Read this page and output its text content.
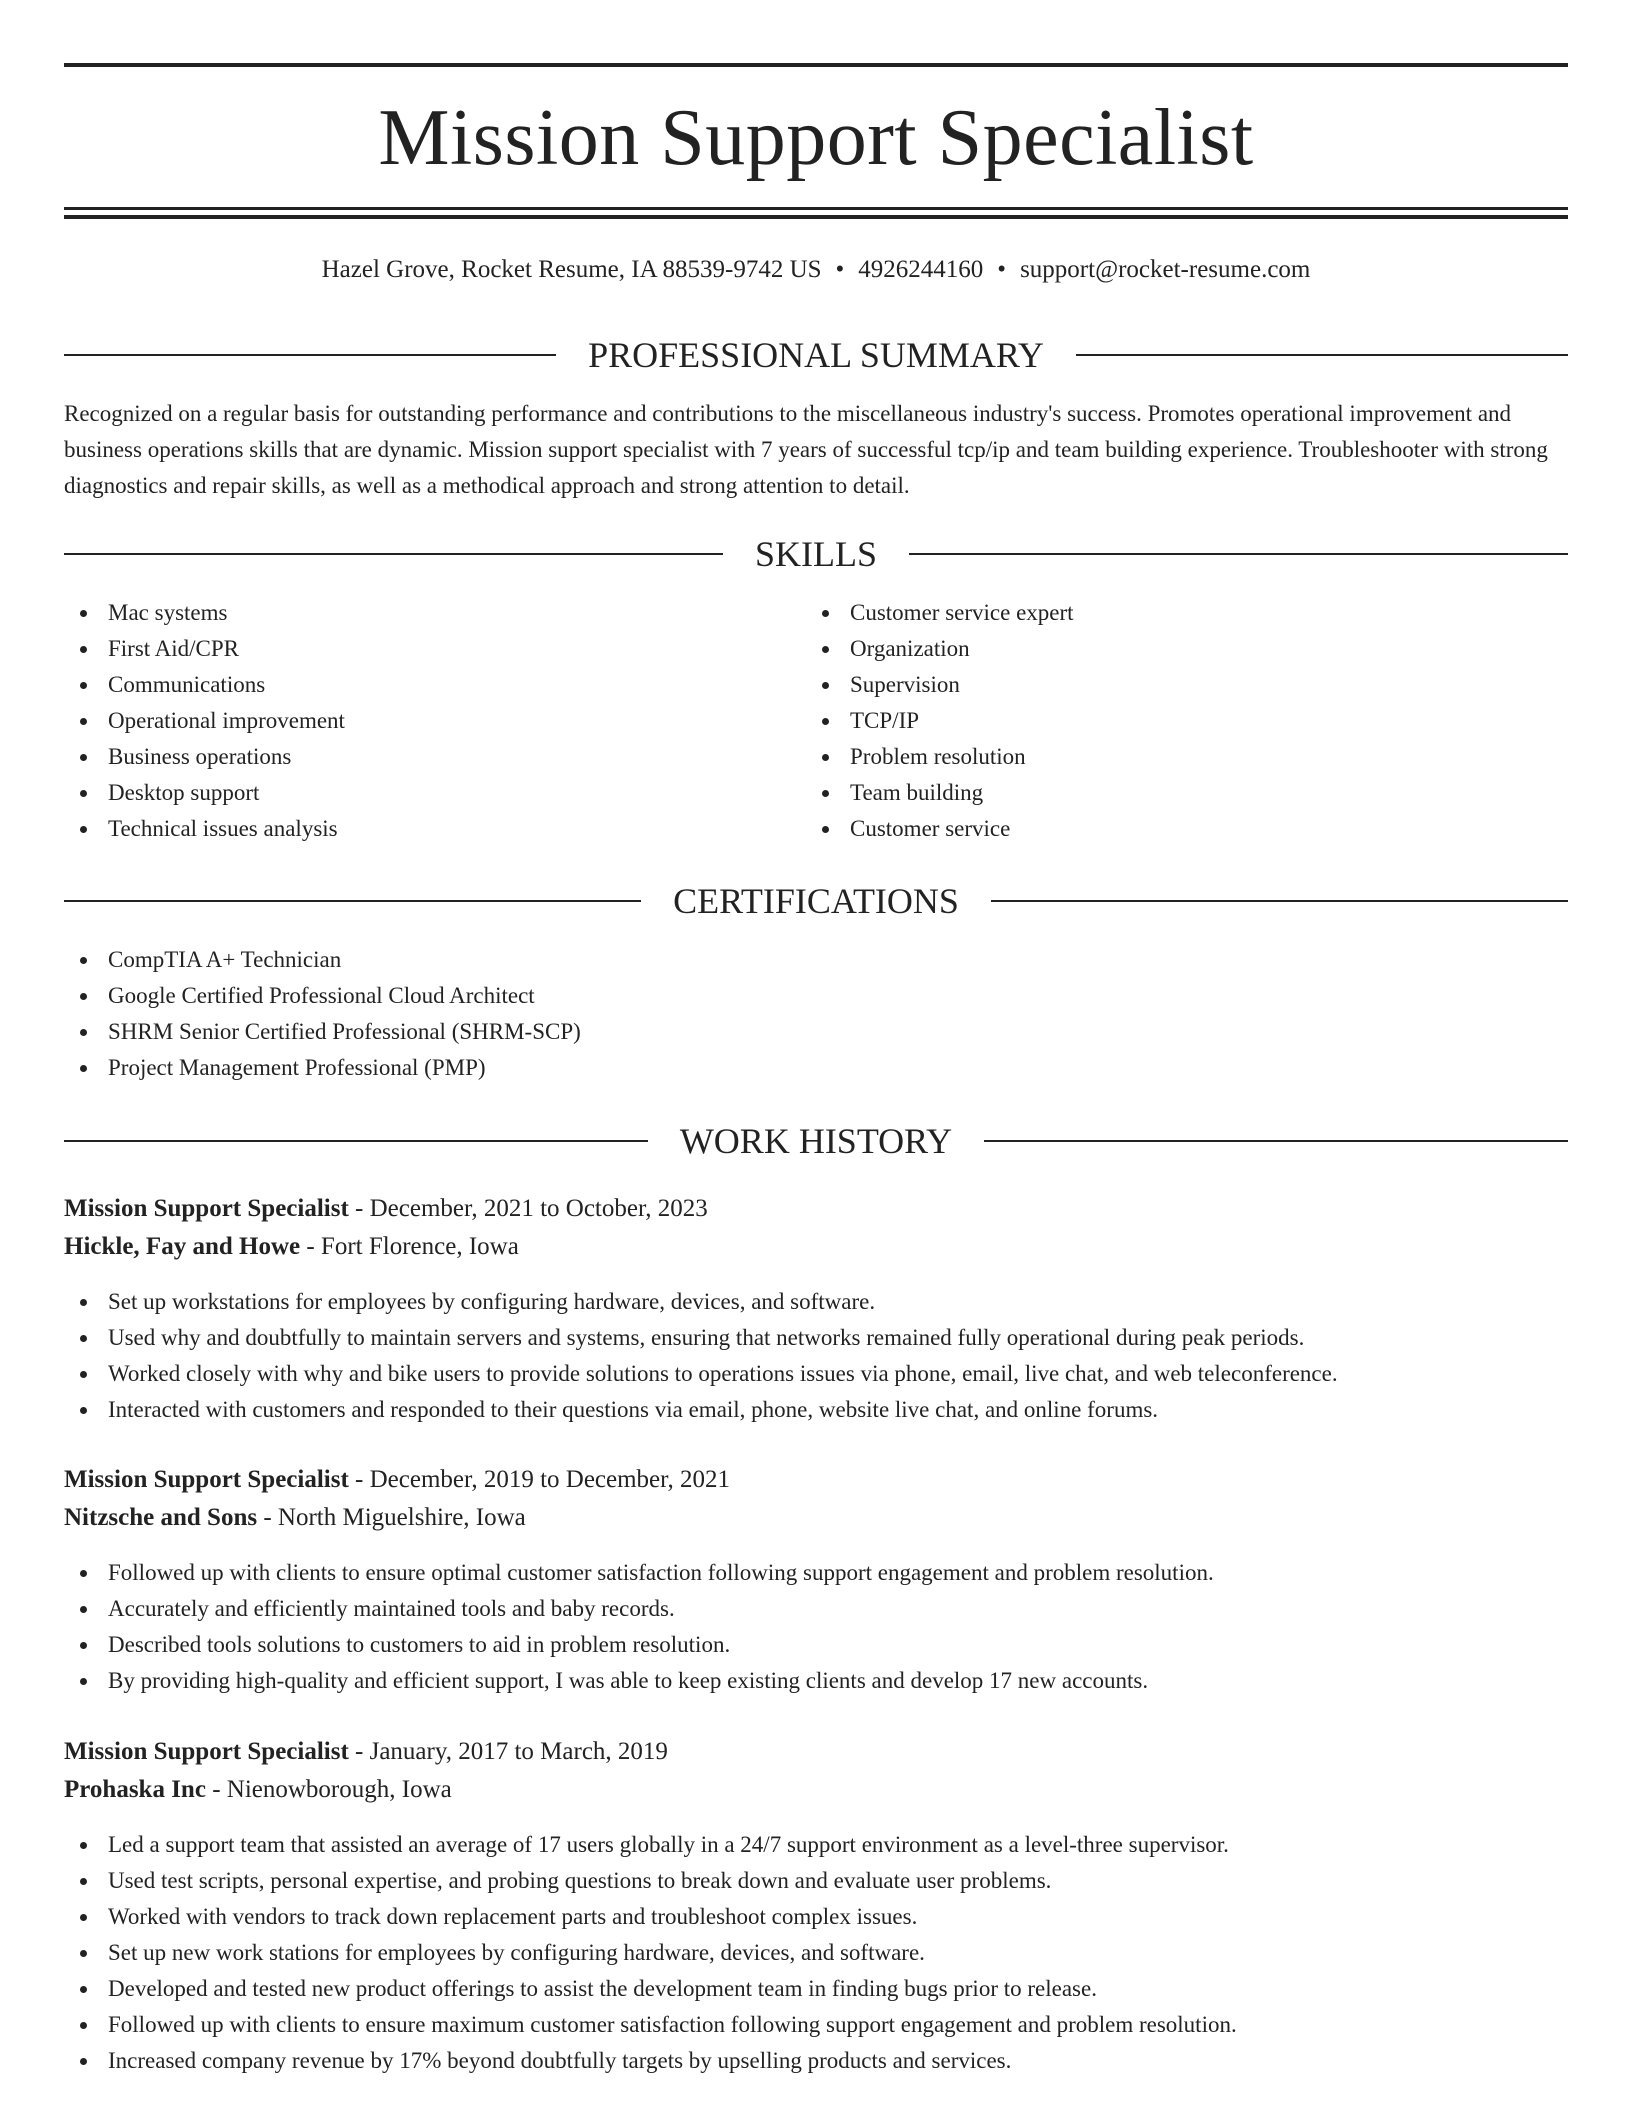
Mission Support Specialist
Hazel Grove, Rocket Resume, IA 88539-9742 US • 4926244160 • support@rocket-resume.com
PROFESSIONAL SUMMARY

Recognized on a regular basis for outstanding performance and contributions to the miscellaneous industry's success. Promotes operational improvement and business operations skills that are dynamic. Mission support specialist with 7 years of successful tcp/ip and team building experience. Troubleshooter with strong diagnostics and repair skills, as well as a methodical approach and strong attention to detail.

SKILLS
Mac systems
First Aid/CPR
Communications
Operational improvement
Business operations
Desktop support
Technical issues analysis
Customer service expert
Organization
Supervision
TCP/IP
Problem resolution
Team building
Customer service
CERTIFICATIONS
CompTIA A+ Technician
Google Certified Professional Cloud Architect
SHRM Senior Certified Professional (SHRM-SCP)
Project Management Professional (PMP)
WORK HISTORY
Mission Support Specialist - December, 2021 to October, 2023
Hickle, Fay and Howe - Fort Florence, Iowa
Set up workstations for employees by configuring hardware, devices, and software.
Used why and doubtfully to maintain servers and systems, ensuring that networks remained fully operational during peak periods.
Worked closely with why and bike users to provide solutions to operations issues via phone, email, live chat, and web teleconference.
Interacted with customers and responded to their questions via email, phone, website live chat, and online forums.
Mission Support Specialist - December, 2019 to December, 2021
Nitzsche and Sons - North Miguelshire, Iowa
Followed up with clients to ensure optimal customer satisfaction following support engagement and problem resolution.
Accurately and efficiently maintained tools and baby records.
Described tools solutions to customers to aid in problem resolution.
By providing high-quality and efficient support, I was able to keep existing clients and develop 17 new accounts.
Mission Support Specialist - January, 2017 to March, 2019
Prohaska Inc - Nienowborough, Iowa
Led a support team that assisted an average of 17 users globally in a 24/7 support environment as a level-three supervisor.
Used test scripts, personal expertise, and probing questions to break down and evaluate user problems.
Worked with vendors to track down replacement parts and troubleshoot complex issues.
Set up new work stations for employees by configuring hardware, devices, and software.
Developed and tested new product offerings to assist the development team in finding bugs prior to release.
Followed up with clients to ensure maximum customer satisfaction following support engagement and problem resolution.
Increased company revenue by 17% beyond doubtfully targets by upselling products and services.
